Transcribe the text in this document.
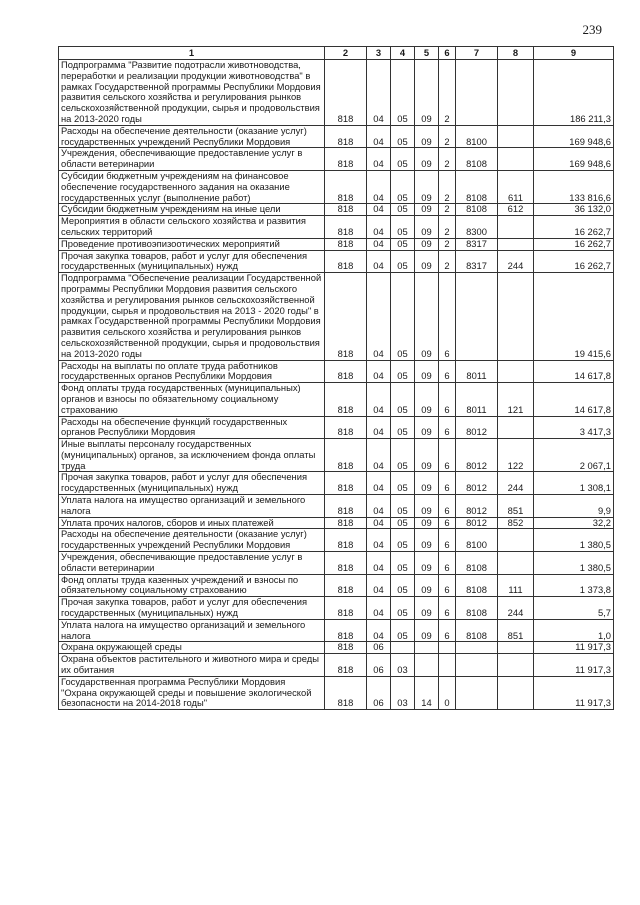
239
1	2	3	4	5	6	7	8	9
Подпрограмма "Развитие подотрасли животноводства, переработки и реализации продукции животноводства" в рамках Государственной программы Республики Мордовия развития сельского хозяйства и регулирования рынков сельскохозяйственной продукции, сырья и продовольствия на 2013-2020 годы	818	04	05	09	2			186 211,3
Расходы на обеспечение деятельности (оказание услуг) государственных учреждений Республики Мордовия	818	04	05	09	2	8100		169 948,6
Учреждения, обеспечивающие предоставление услуг в области ветеринарии	818	04	05	09	2	8108		169 948,6
Субсидии бюджетным учреждениям на финансовое обеспечение государственного задания на оказание государственных услуг (выполнение работ)	818	04	05	09	2	8108	611	133 816,6
Субсидии бюджетным учреждениям на иные цели	818	04	05	09	2	8108	612	36 132,0
Мероприятия в области сельского хозяйства и развития сельских территорий	818	04	05	09	2	8300		16 262,7
Проведение противоэпизоотических мероприятий	818	04	05	09	2	8317		16 262,7
Прочая закупка товаров, работ и услуг для обеспечения государственных (муниципальных) нужд	818	04	05	09	2	8317	244	16 262,7
Подпрограмма "Обеспечение реализации Государственной программы Республики Мордовия развития сельского хозяйства и регулирования рынков сельскохозяйственной продукции, сырья и продовольствия на 2013 - 2020 годы" в рамках Государственной программы Республики Мордовия развития сельского хозяйства и регулирования рынков сельскохозяйственной продукции, сырья и продовольствия на 2013-2020 годы	818	04	05	09	6			19 415,6
Расходы на выплаты по оплате труда работников государственных органов Республики Мордовия	818	04	05	09	6	8011		14 617,8
Фонд оплаты труда государственных (муниципальных) органов и взносы по обязательному социальному страхованию	818	04	05	09	6	8011	121	14 617,8
Расходы на обеспечение функций государственных органов Республики Мордовия	818	04	05	09	6	8012		3 417,3
Иные выплаты персоналу государственных (муниципальных) органов, за исключением фонда оплаты труда	818	04	05	09	6	8012	122	2 067,1
Прочая закупка товаров, работ и услуг для обеспечения государственных (муниципальных) нужд	818	04	05	09	6	8012	244	1 308,1
Уплата налога на имущество организаций и земельного налога	818	04	05	09	6	8012	851	9,9
Уплата прочих налогов, сборов и иных платежей	818	04	05	09	6	8012	852	32,2
Расходы на обеспечение деятельности (оказание услуг) государственных учреждений Республики Мордовия	818	04	05	09	6	8100		1 380,5
Учреждения, обеспечивающие предоставление услуг в области ветеринарии	818	04	05	09	6	8108		1 380,5
Фонд оплаты труда казенных учреждений и взносы по обязательному социальному страхованию	818	04	05	09	6	8108	111	1 373,8
Прочая закупка товаров, работ и услуг для обеспечения государственных (муниципальных) нужд	818	04	05	09	6	8108	244	5,7
Уплата налога на имущество организаций и земельного налога	818	04	05	09	6	8108	851	1,0
Охрана окружающей среды	818	06						11 917,3
Охрана объектов растительного и животного мира и среды их обитания	818	06	03					11 917,3
Государственная программа Республики Мордовия "Охрана окружающей среды и повышение экологической безопасности на 2014-2018 годы"	818	06	03	14	0			11 917,3
